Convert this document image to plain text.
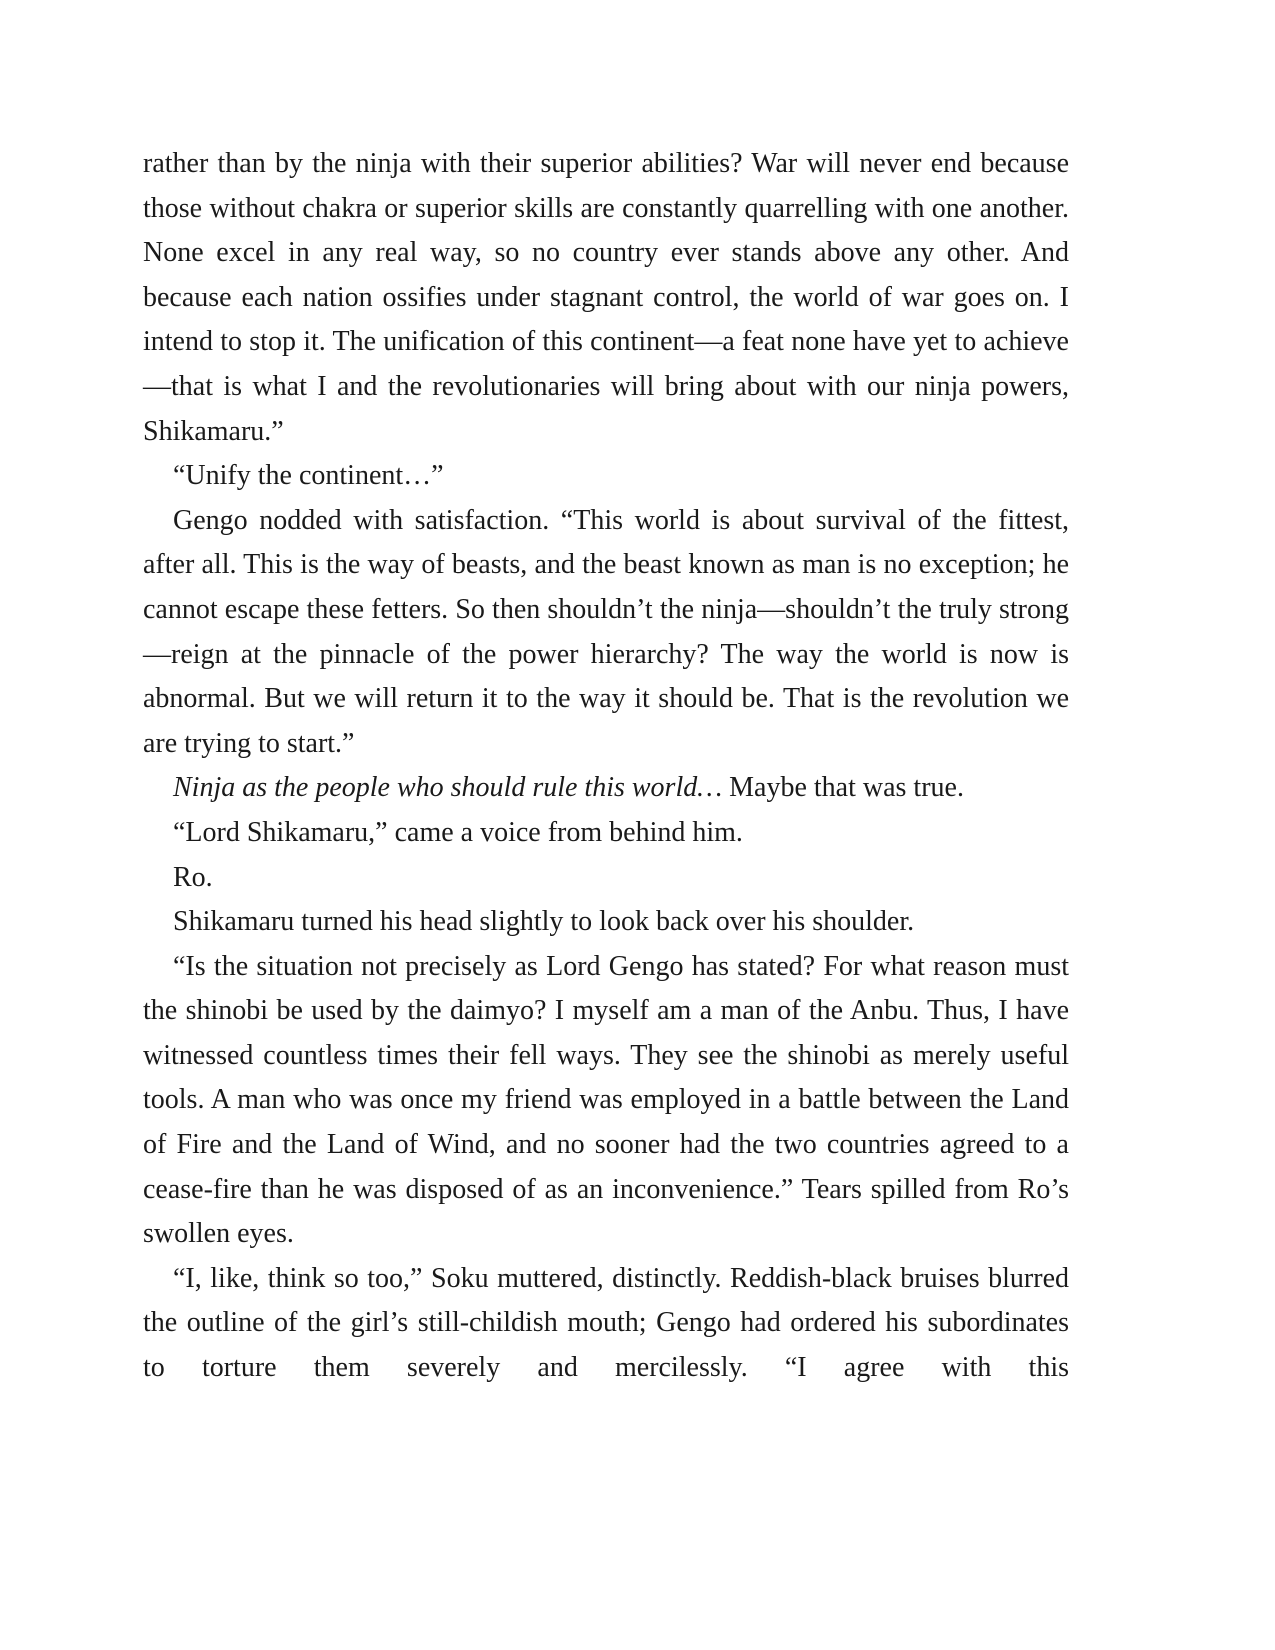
rather than by the ninja with their superior abilities? War will never end because those without chakra or superior skills are constantly quarrelling with one another. None excel in any real way, so no country ever stands above any other. And because each nation ossifies under stagnant control, the world of war goes on. I intend to stop it. The unification of this continent—a feat none have yet to achieve—that is what I and the revolutionaries will bring about with our ninja powers, Shikamaru.”

“Unify the continent…”

Gengo nodded with satisfaction. “This world is about survival of the fittest, after all. This is the way of beasts, and the beast known as man is no exception; he cannot escape these fetters. So then shouldn’t the ninja—shouldn’t the truly strong—reign at the pinnacle of the power hierarchy? The way the world is now is abnormal. But we will return it to the way it should be. That is the revolution we are trying to start.”

Ninja as the people who should rule this world… Maybe that was true.

“Lord Shikamaru,” came a voice from behind him.

Ro.

Shikamaru turned his head slightly to look back over his shoulder.

“Is the situation not precisely as Lord Gengo has stated? For what reason must the shinobi be used by the daimyo? I myself am a man of the Anbu. Thus, I have witnessed countless times their fell ways. They see the shinobi as merely useful tools. A man who was once my friend was employed in a battle between the Land of Fire and the Land of Wind, and no sooner had the two countries agreed to a cease-fire than he was disposed of as an inconvenience.” Tears spilled from Ro’s swollen eyes.

“I, like, think so too,” Soku muttered, distinctly. Reddish-black bruises blurred the outline of the girl’s still-childish mouth; Gengo had ordered his subordinates to torture them severely and mercilessly. “I agree with this
